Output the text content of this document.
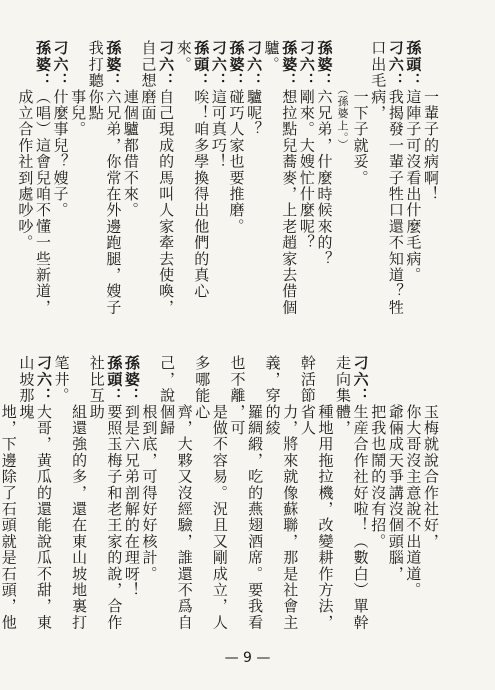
　　　一輩子的病啊！
孫頭：這陣子可沒看出什麼毛病。
刁六：我揭發一輩子牲口還不知道？牲口出毛病，
　　　一下子就妥。
　　　（孫婆上。）
孫婆：六兄弟，什麼時候來的？
刁六：剛來。大嫂忙什麼呢？
孫婆：想拉點兒蕎麥，上老趙家去借個驢。
刁六：驢呢？
孫婆：碰巧人家也要推磨。
刁六：這可真巧！
孫頭：唉！咱多學換得出他們的真心來。
刁六：自己現成的馬叫人家牽去使喚，自己想磨面
　　　連個驢都借不來。
孫婆：六兄弟，你常在外邊跑腿，嫂子我打聽你點
　　　事兒。
刁六：什麼事兒？嫂子。
孫婆：（唱）這會兒咱不懂一些新道，
　　　成立合作社到處吵吵。
　　　玉梅就說合作社好，
　　　你大哥沒主意說不出道道。
　　　爺倆成天爭講沒個頭腦，
　　　把我也鬧的沒有招。
刁六：生産合作社好啦！（數白）單幹走向集體，
　　　種地用拖拉機，改變耕作方法，幹活節省人
　　　力，將來就像蘇聯，那是社會主義，穿的綾
　　　羅綢緞，吃的燕翅酒席。要我看也不離，可
　　　是做不容易。況且又剛成立，人多哪能心
　　　齊，大夥又沒經驗，誰還不爲自己，說個歸
　　　根到底，可得好好核計。
孫婆：到是六兄弟剖解的在理呀！
孫頭：要照玉梅子和老王家的說，合作社比互助
　　　組還強的多，還在東山坡地裏打笔井。
刁六：大哥，黄瓜的還能說瓜不甜，東山坡那塊
　　　地，下邊除了石頭就是石頭，他

— 9 —
